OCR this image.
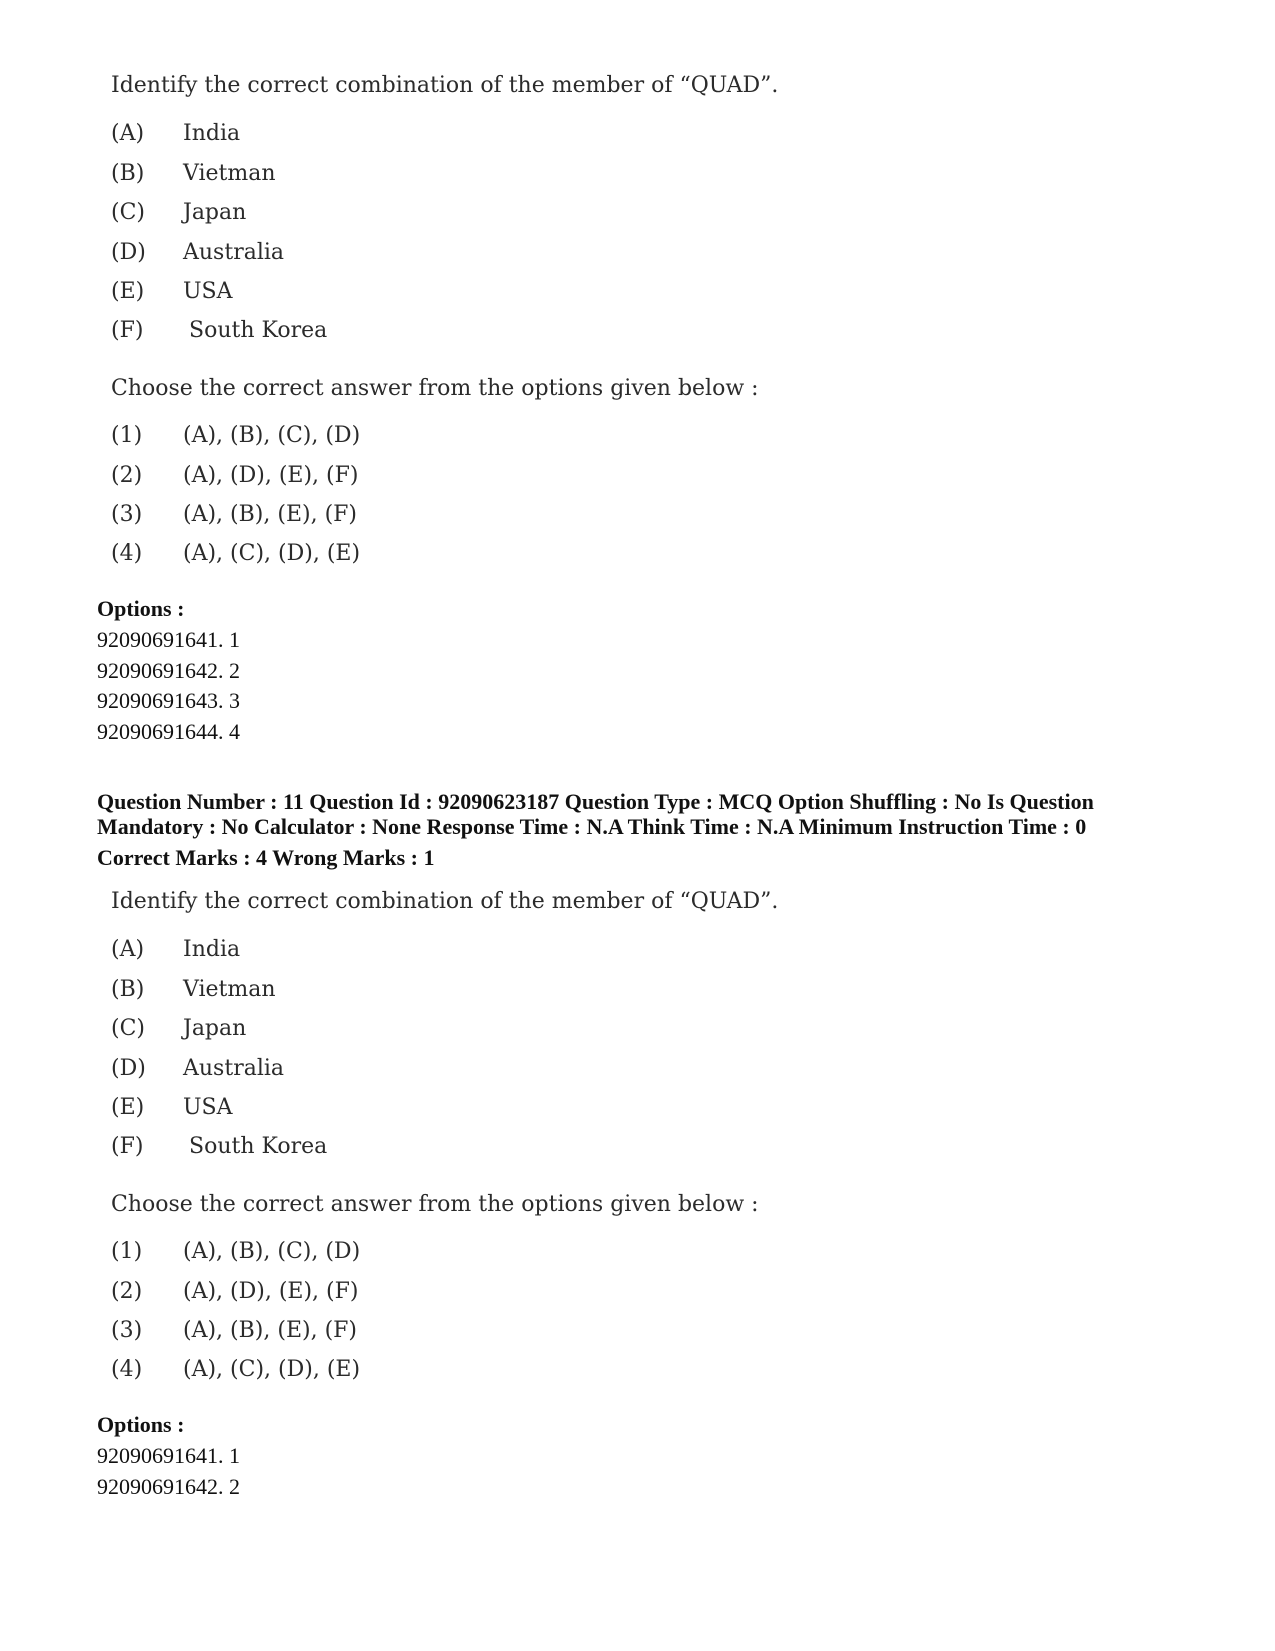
Identify the correct combination of the member of “QUAD”.
(A) India
(B) Vietman
(C) Japan
(D) Australia
(E) USA
(F) South Korea
Choose the correct answer from the options given below :
(1) (A), (B), (C), (D)
(2) (A), (D), (E), (F)
(3) (A), (B), (E), (F)
(4) (A), (C), (D), (E)
Options :
92090691641. 1
92090691642. 2
92090691643. 3
92090691644. 4
Question Number : 11 Question Id : 92090623187 Question Type : MCQ Option Shuffling : No Is Question
Mandatory : No Calculator : None Response Time : N.A Think Time : N.A Minimum Instruction Time : 0
Correct Marks : 4 Wrong Marks : 1
Identify the correct combination of the member of “QUAD”.
(A) India
(B) Vietman
(C) Japan
(D) Australia
(E) USA
(F) South Korea
Choose the correct answer from the options given below :
(1) (A), (B), (C), (D)
(2) (A), (D), (E), (F)
(3) (A), (B), (E), (F)
(4) (A), (C), (D), (E)
Options :
92090691641. 1
92090691642. 2
